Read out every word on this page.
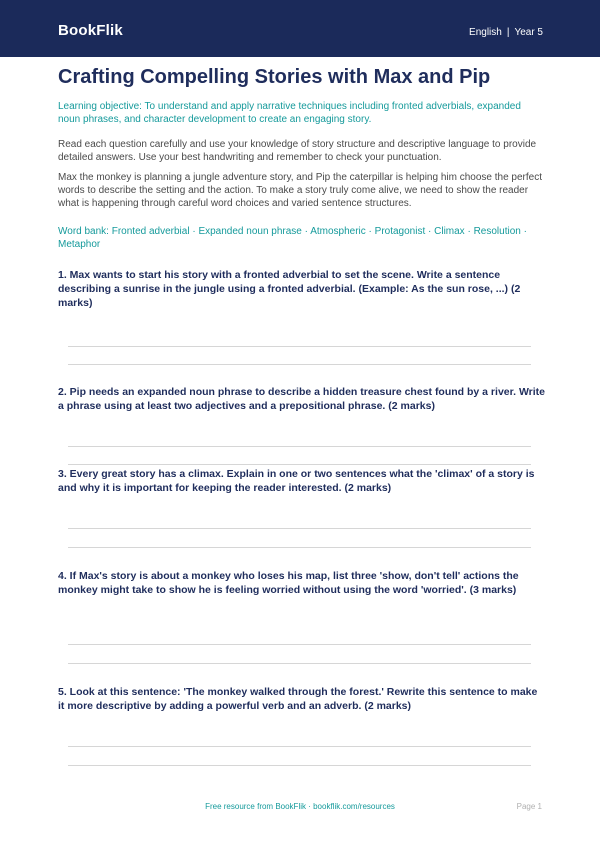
BookFlik	English | Year 5
Crafting Compelling Stories with Max and Pip
Learning objective: To understand and apply narrative techniques including fronted adverbials, expanded noun phrases, and character development to create an engaging story.
Read each question carefully and use your knowledge of story structure and descriptive language to provide detailed answers. Use your best handwriting and remember to check your punctuation.
Max the monkey is planning a jungle adventure story, and Pip the caterpillar is helping him choose the perfect words to describe the setting and the action. To make a story truly come alive, we need to show the reader what is happening through careful word choices and varied sentence structures.
Word bank: Fronted adverbial · Expanded noun phrase · Atmospheric · Protagonist · Climax · Resolution · Metaphor
1. Max wants to start his story with a fronted adverbial to set the scene. Write a sentence describing a sunrise in the jungle using a fronted adverbial. (Example: As the sun rose, ...) (2 marks)
2. Pip needs an expanded noun phrase to describe a hidden treasure chest found by a river. Write a phrase using at least two adjectives and a prepositional phrase. (2 marks)
3. Every great story has a climax. Explain in one or two sentences what the 'climax' of a story is and why it is important for keeping the reader interested. (2 marks)
4. If Max's story is about a monkey who loses his map, list three 'show, don't tell' actions the monkey might take to show he is feeling worried without using the word 'worried'. (3 marks)
5. Look at this sentence: 'The monkey walked through the forest.' Rewrite this sentence to make it more descriptive by adding a powerful verb and an adverb. (2 marks)
Free resource from BookFlik · bookflik.com/resources	Page 1
